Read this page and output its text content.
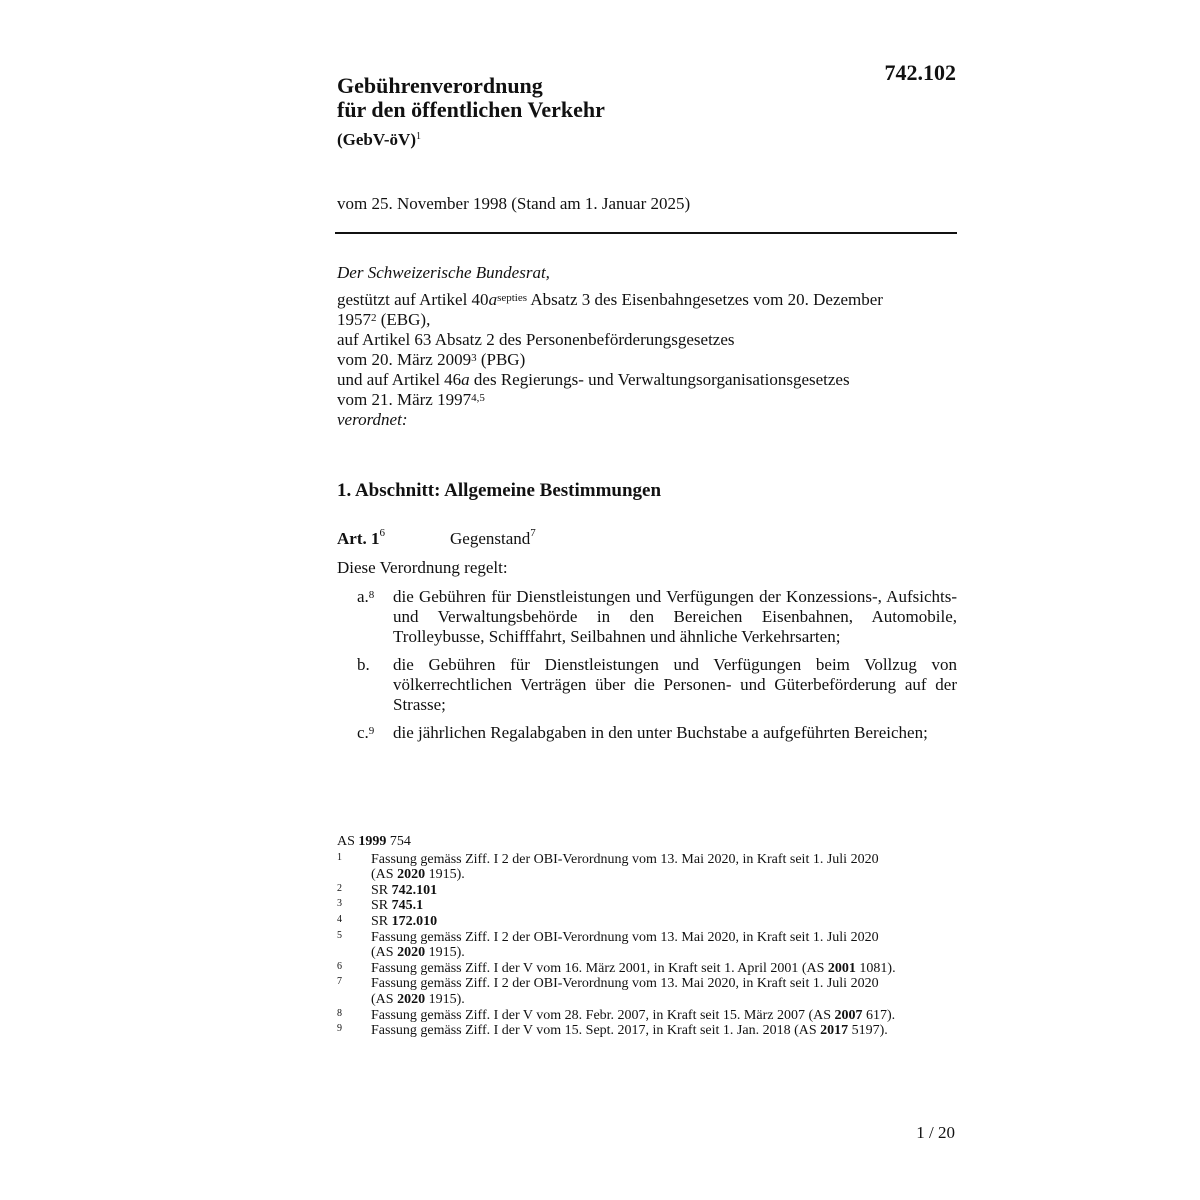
742.102
Gebührenverordnung
für den öffentlichen Verkehr
(GebV-öV)$^1$
vom 25. November 1998 (Stand am 1. Januar 2025)
Der Schweizerische Bundesrat,
gestützt auf Artikel $40a^{septies}$ Absatz 3 des Eisenbahngesetzes vom 20. Dezember
1957$^2$ (EBG),
auf Artikel 63 Absatz 2 des Personenbeförderungsgesetzes
vom 20. März 2009$^3$ (PBG)
und auf Artikel 46a des Regierungs- und Verwaltungsorganisationsgesetzes
vom 21. März 1997$^{4,5}$
verordnet:
1. Abschnitt: Allgemeine Bestimmungen
Art. $1^6$	Gegenstand$^7$
Diese Verordnung regelt:
a.$^8$	die Gebühren für Dienstleistungen und Verfügungen der Konzessions-, Aufsichts- und Verwaltungsbehörde in den Bereichen Eisenbahnen, Automobile, Trolleybusse, Schifffahrt, Seilbahnen und ähnliche Verkehrsarten;
b.	die Gebühren für Dienstleistungen und Verfügungen beim Vollzug von völkerrechtlichen Verträgen über die Personen- und Güterbeförderung auf der Strasse;
c.$^9$	die jährlichen Regalabgaben in den unter Buchstabe a aufgeführten Bereichen;
AS 1999 754
1	Fassung gemäss Ziff. I 2 der OBI-Verordnung vom 13. Mai 2020, in Kraft seit 1. Juli 2020 (AS 2020 1915).
2	SR 742.101
3	SR 745.1
4	SR 172.010
5	Fassung gemäss Ziff. I 2 der OBI-Verordnung vom 13. Mai 2020, in Kraft seit 1. Juli 2020 (AS 2020 1915).
6	Fassung gemäss Ziff. I der V vom 16. März 2001, in Kraft seit 1. April 2001 (AS 2001 1081).
7	Fassung gemäss Ziff. I 2 der OBI-Verordnung vom 13. Mai 2020, in Kraft seit 1. Juli 2020 (AS 2020 1915).
8	Fassung gemäss Ziff. I der V vom 28. Febr. 2007, in Kraft seit 15. März 2007 (AS 2007 617).
9	Fassung gemäss Ziff. I der V vom 15. Sept. 2017, in Kraft seit 1. Jan. 2018 (AS 2017 5197).
1 / 20
